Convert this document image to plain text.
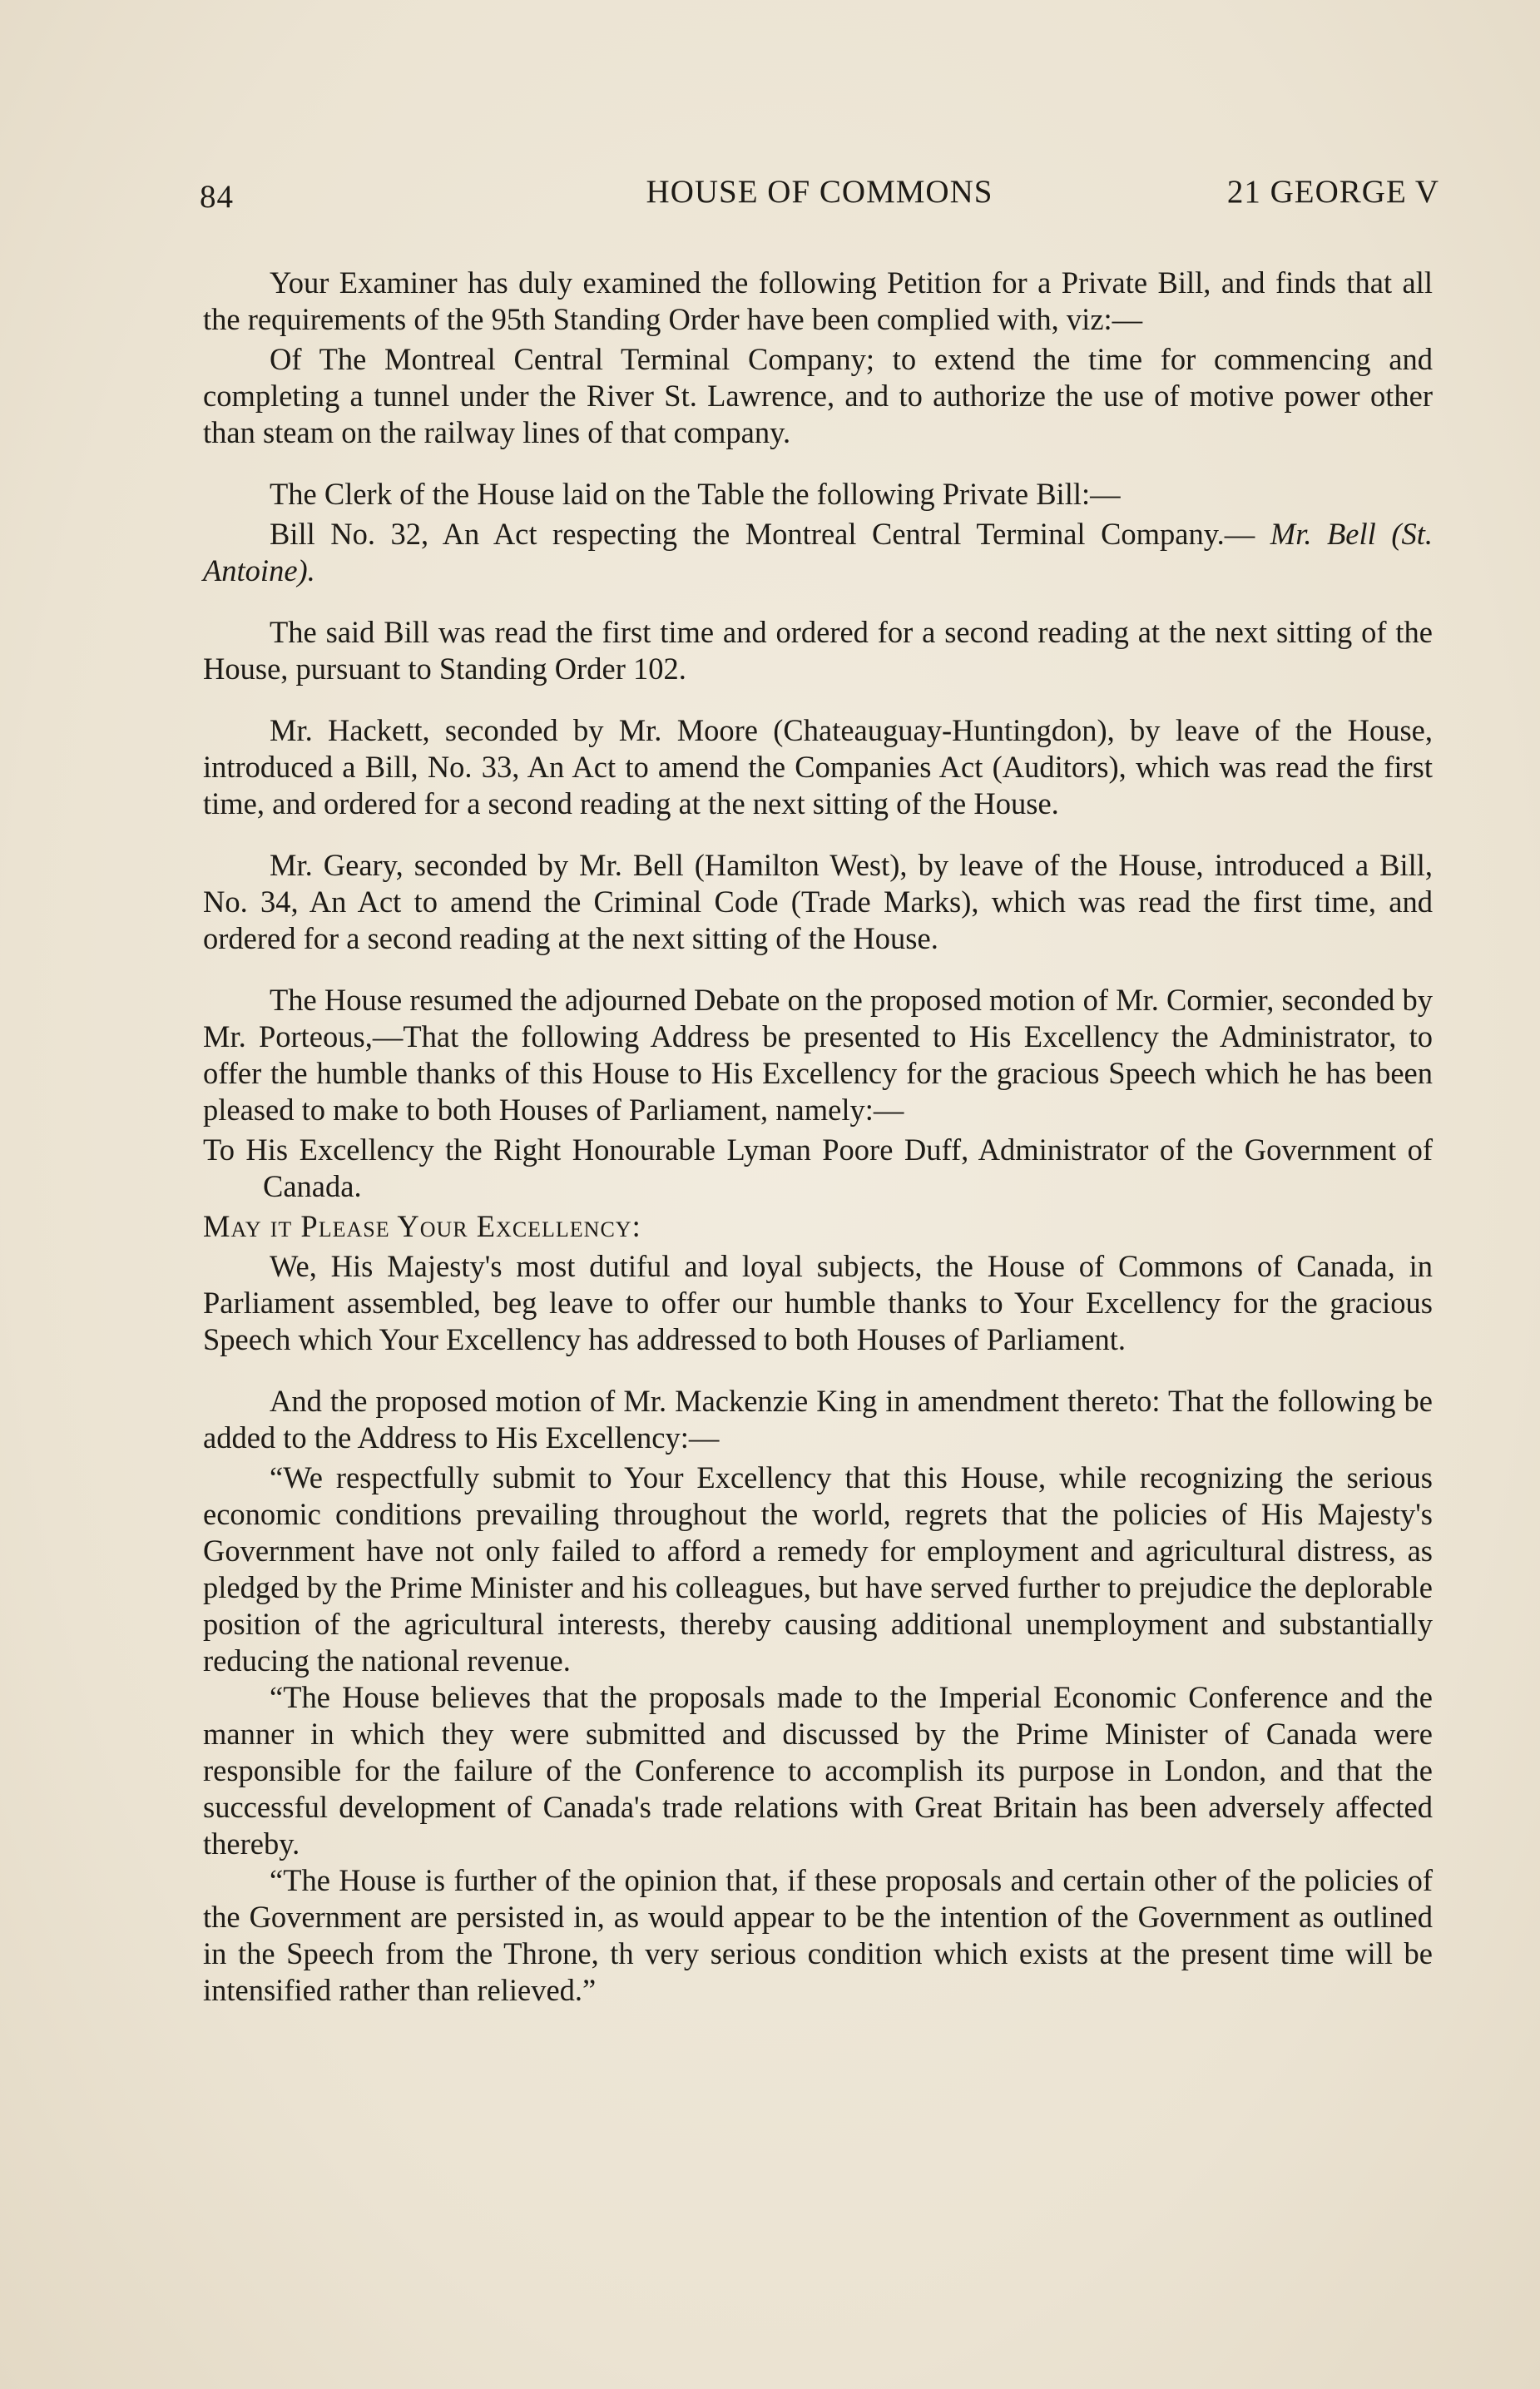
84	HOUSE OF COMMONS	21 GEORGE V

Your Examiner has duly examined the following Petition for a Private Bill, and finds that all the requirements of the 95th Standing Order have been complied with, viz:—

Of The Montreal Central Terminal Company; to extend the time for commencing and completing a tunnel under the River St. Lawrence, and to authorize the use of motive power other than steam on the railway lines of that company.

The Clerk of the House laid on the Table the following Private Bill:—

Bill No. 32, An Act respecting the Montreal Central Terminal Company.— Mr. Bell (St. Antoine).

The said Bill was read the first time and ordered for a second reading at the next sitting of the House, pursuant to Standing Order 102.

Mr. Hackett, seconded by Mr. Moore (Chateauguay-Huntingdon), by leave of the House, introduced a Bill, No. 33, An Act to amend the Companies Act (Auditors), which was read the first time, and ordered for a second reading at the next sitting of the House.

Mr. Geary, seconded by Mr. Bell (Hamilton West), by leave of the House, introduced a Bill, No. 34, An Act to amend the Criminal Code (Trade Marks), which was read the first time, and ordered for a second reading at the next sitting of the House.

The House resumed the adjourned Debate on the proposed motion of Mr. Cormier, seconded by Mr. Porteous,—That the following Address be presented to His Excellency the Administrator, to offer the humble thanks of this House to His Excellency for the gracious Speech which he has been pleased to make to both Houses of Parliament, namely:—

To His Excellency the Right Honourable Lyman Poore Duff, Administrator of the Government of Canada.

May it Please Your Excellency:

We, His Majesty's most dutiful and loyal subjects, the House of Commons of Canada, in Parliament assembled, beg leave to offer our humble thanks to Your Excellency for the gracious Speech which Your Excellency has addressed to both Houses of Parliament.

And the proposed motion of Mr. Mackenzie King in amendment thereto: That the following be added to the Address to His Excellency:—

“We respectfully submit to Your Excellency that this House, while recognizing the serious economic conditions prevailing throughout the world, regrets that the policies of His Majesty's Government have not only failed to afford a remedy for employment and agricultural distress, as pledged by the Prime Minister and his colleagues, but have served further to prejudice the deplorable position of the agricultural interests, thereby causing additional unemployment and substantially reducing the national revenue.

“The House believes that the proposals made to the Imperial Economic Conference and the manner in which they were submitted and discussed by the Prime Minister of Canada were responsible for the failure of the Conference to accomplish its purpose in London, and that the successful development of Canada's trade relations with Great Britain has been adversely affected thereby.

“The House is further of the opinion that, if these proposals and certain other of the policies of the Government are persisted in, as would appear to be the intention of the Government as outlined in the Speech from the Throne, th very serious condition which exists at the present time will be intensified rather than relieved.”
